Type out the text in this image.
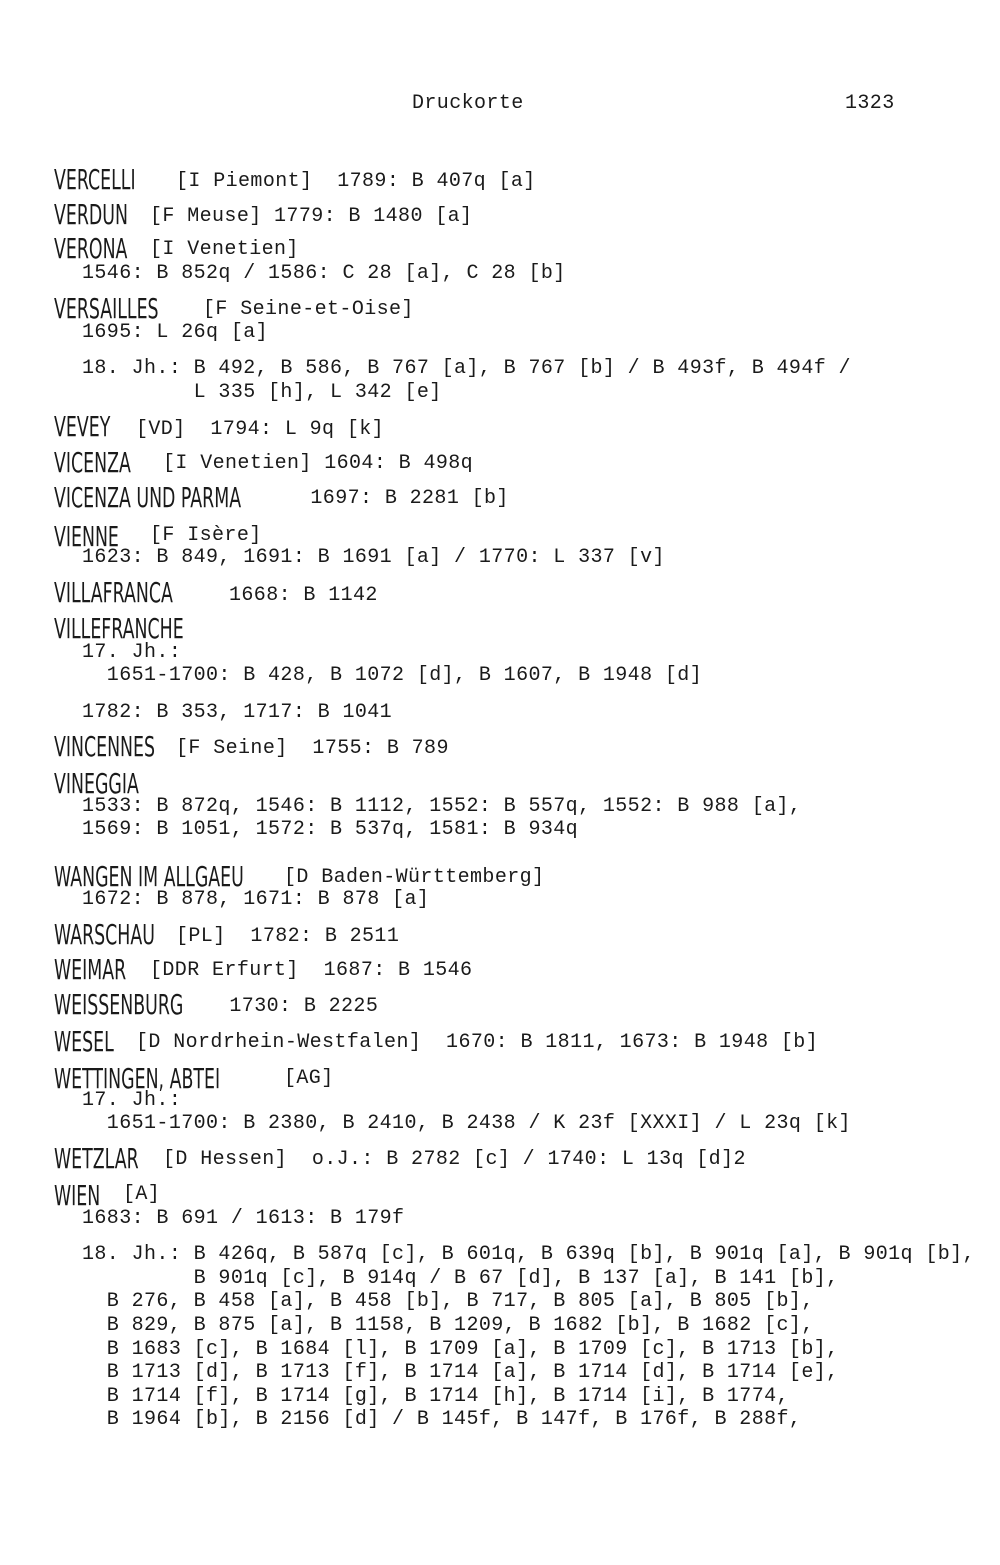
Druckorte	1323
VERCELLI	[I Piemont]  1789: B 407q [a]
VERDUN	[F Meuse] 1779: B 1480 [a]
VERONA	[I Venetien]
1546: B 852q / 1586: C 28 [a], C 28 [b]
VERSAILLES	[F Seine-et-Oise]
1695: L 26q [a]
18. Jh.: B 492, B 586, B 767 [a], B 767 [b] / B 493f, B 494f /
L 335 [h], L 342 [e]
VEVEY	[VD]  1794: L 9q [k]
VICENZA	[I Venetien] 1604: B 498q
VICENZA UND PARMA	1697: B 2281 [b]
VIENNE	[F Isère]
1623: B 849, 1691: B 1691 [a] / 1770: L 337 [v]
VILLAFRANCA	1668: B 1142
VILLEFRANCHE
17. Jh.:
1651-1700: B 428, B 1072 [d], B 1607, B 1948 [d]
1782: B 353, 1717: B 1041
VINCENNES	[F Seine]  1755: B 789
VINEGGIA
1533: B 872q, 1546: B 1112, 1552: B 557q, 1552: B 988 [a],
1569: B 1051, 1572: B 537q, 1581: B 934q
WANGEN IM ALLGAEU	[D Baden-Württemberg]
1672: B 878, 1671: B 878 [a]
WARSCHAU	[PL]  1782: B 2511
WEIMAR	[DDR Erfurt]  1687: B 1546
WEISSENBURG	1730: B 2225
WESEL	[D Nordrhein-Westfalen]  1670: B 1811, 1673: B 1948 [b]
WETTINGEN, ABTEI	[AG]
17. Jh.:
1651-1700: B 2380, B 2410, B 2438 / K 23f [XXXI] / L 23q [k]
WETZLAR	[D Hessen]  o.J.: B 2782 [c] / 1740: L 13q [d]2
WIEN	[A]
1683: B 691 / 1613: B 179f
18. Jh.: B 426q, B 587q [c], B 601q, B 639q [b], B 901q [a], B 901q [b],
B 901q [c], B 914q / B 67 [d], B 137 [a], B 141 [b],
B 276, B 458 [a], B 458 [b], B 717, B 805 [a], B 805 [b],
B 829, B 875 [a], B 1158, B 1209, B 1682 [b], B 1682 [c],
B 1683 [c], B 1684 [l], B 1709 [a], B 1709 [c], B 1713 [b],
B 1713 [d], B 1713 [f], B 1714 [a], B 1714 [d], B 1714 [e],
B 1714 [f], B 1714 [g], B 1714 [h], B 1714 [i], B 1774,
B 1964 [b], B 2156 [d] / B 145f, B 147f, B 176f, B 288f,
